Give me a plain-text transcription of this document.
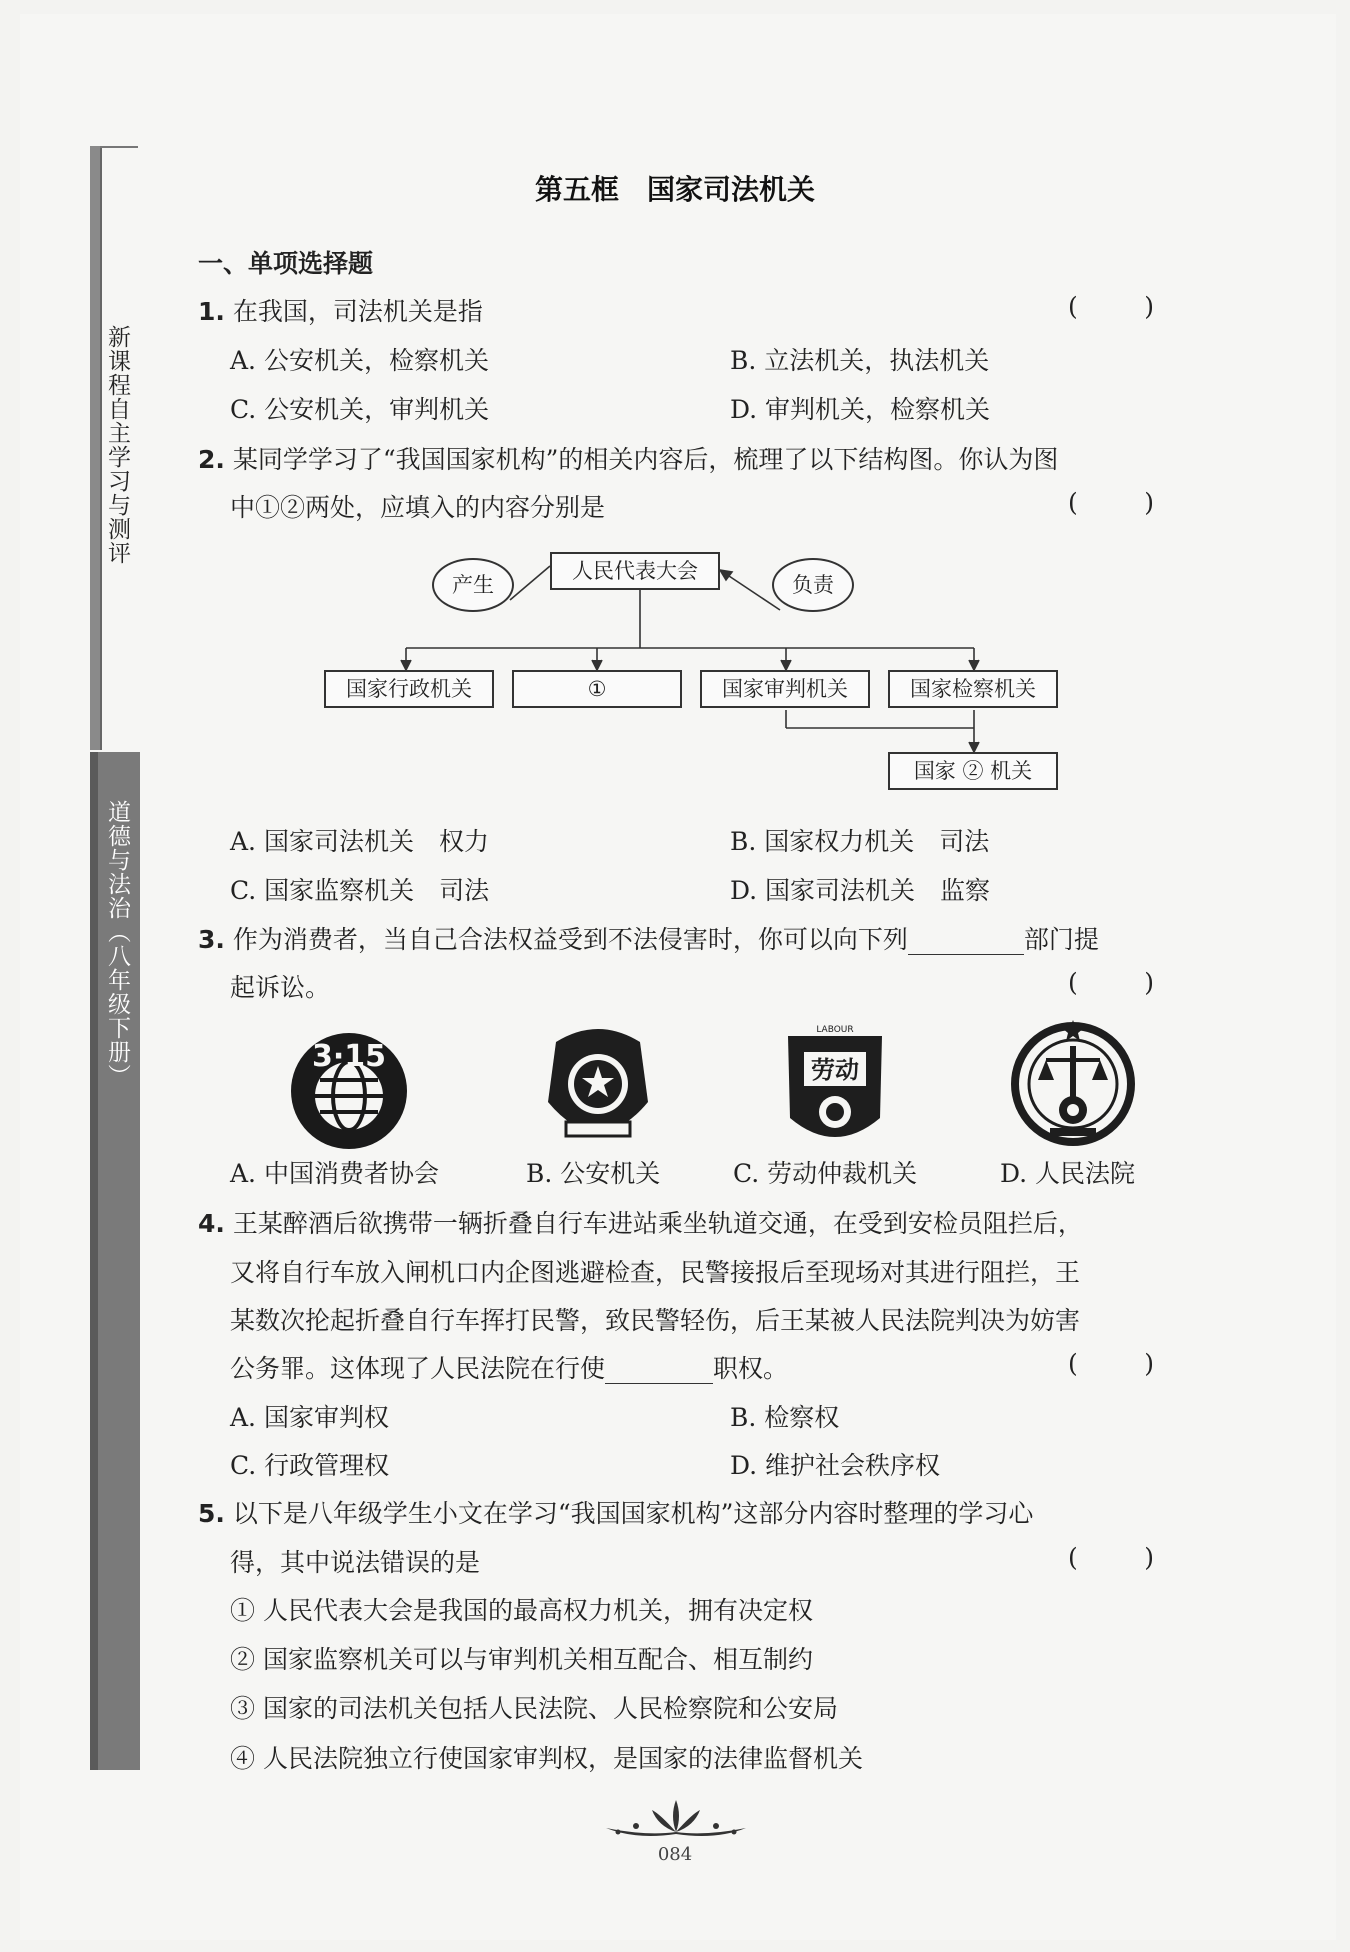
新课程自主学习与测评
道德与法治（八年级下册）
第五框 国家司法机关
一、单项选择题
1. 在我国，司法机关是指	(	)
A. 公安机关，检察机关	B. 立法机关，执法机关
C. 公安机关，审判机关	D. 审判机关，检察机关
2. 某同学学习了“我国国家机构”的相关内容后，梳理了以下结构图。你认为图
中①②两处，应填入的内容分别是	(	)
人民代表大会
产生	负责
国家行政机关	①	国家审判机关	国家检察机关
国家 ② 机关
A. 国家司法机关　权力	B. 国家权力机关　司法
C. 国家监察机关　司法	D. 国家司法机关　监察
3. 作为消费者，当自己合法权益受到不法侵害时，你可以向下列	部门提
起诉讼。	(	)
3·15	劳动
LABOUR
A. 中国消费者协会	B. 公安机关	C. 劳动仲裁机关	D. 人民法院
4. 王某醉酒后欲携带一辆折叠自行车进站乘坐轨道交通，在受到安检员阻拦后，
又将自行车放入闸机口内企图逃避检查，民警接报后至现场对其进行阻拦，王
某数次抡起折叠自行车挥打民警，致民警轻伤，后王某被人民法院判决为妨害
公务罪。这体现了人民法院在行使	职权。	(	)
A. 国家审判权	B. 检察权
C. 行政管理权	D. 维护社会秩序权
5. 以下是八年级学生小文在学习“我国国家机构”这部分内容时整理的学习心
得，其中说法错误的是	(	)
① 人民代表大会是我国的最高权力机关，拥有决定权
② 国家监察机关可以与审判机关相互配合、相互制约
③ 国家的司法机关包括人民法院、人民检察院和公安局
④ 人民法院独立行使国家审判权，是国家的法律监督机关
084
